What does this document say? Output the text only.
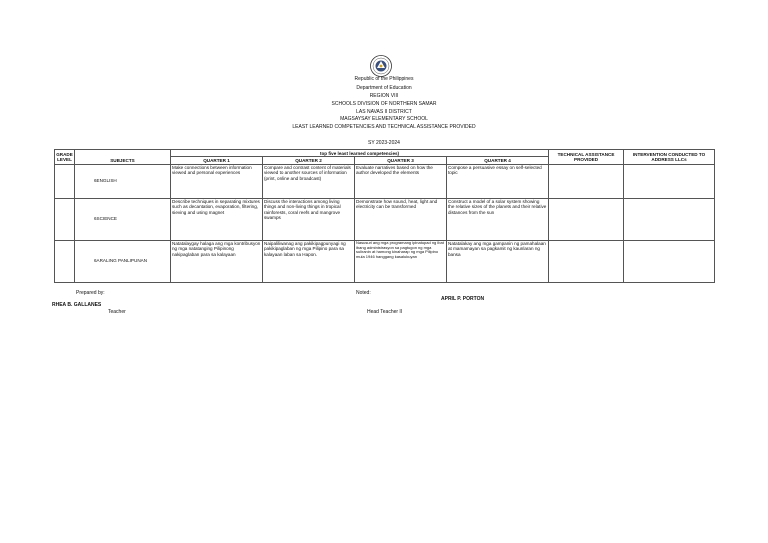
Republic of the Philippines
Department of Education
REGION VIII
SCHOOLS DIVISION OF NORTHERN SAMAR
LAS NAVAS II DISTRICT
MAGSAYSAY ELEMENTARY SCHOOL
LEAST LEARNED COMPETENCIES AND TECHNICAL ASSISTANCE PROVIDED
SY 2023-2024
GRADE LEVEL	SUBJECTS	top five least learned competencies)				TECHNICAL ASSISTANCE PROVIDED	INTERVENTION CONDUCTED TO ADDRESS LLCs
		QUARTER 1	QUARTER 2	QUARTER 3	QUARTER 4		
	6ENGLISH	Make connections between information viewed and personal experiences	Compare and contrast content of materials viewed to another sources of information (print, online and broadcast)	Evaluate narratives based on how the author developed the elements	Compose a persuasive essay on self-selected topic		
	6SCIENCE	Describe techniques in separating mixtures such as decantation, evaporation, filtering, sieving and using magnet	Discuss the interactions among living things and non-living things in tropical rainforests, coral reefs and mangrove swamps	Demonstrate how sound, heat, light and electricity can be transformed	Construct a model of a solar system showing the relative sizes of the planets and their relative distances from the sun		
	6ARALING PANLIPUNAN	Natatalaygay halaga ang mga kontribusyon ng mga natatanging Pilipinong nakipaglaban para sa kalayaan	Naipaliliwanag ang pakikipagpunyagi ng pakikipaglaban ng mga Pilipino para sa kalayaan laban sa Hapon.	Nasusuri ang mga programang ipinatupad ng ibat ibang administrasyon sa pagtugon ng mga suliranin at hamong kinaharap ng mga Pilipino mula 1946 hanggang kasalukuyan	Natatalakay ang mga gampanin ng pamahalaan at mamamayan sa pagkamit ng kaunlaran ng bansa		
Prepared by:
RHEA B. GALLANES
Teacher
Noted:
APRIL P. PORTON
Head Teacher II
